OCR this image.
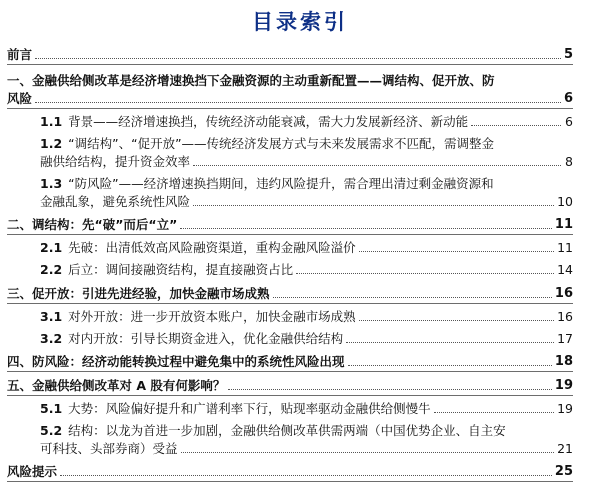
目录索引
前言	5
一、金融供给侧改革是经济增速换挡下金融资源的主动重新配置——调结构、促开放、防
风险	6
1.1 背景——经济增速换挡，传统经济动能衰减，需大力发展新经济、新动能	6
1.2 “调结构”、“促开放”——传统经济发展方式与未来发展需求不匹配，需调整金
融供给结构，提升资金效率	8
1.3 “防风险”——经济增速换挡期间，违约风险提升，需合理出清过剩金融资源和
金融乱象，避免系统性风险	10
二、调结构：先“破”而后“立”	11
2.1 先破：出清低效高风险融资渠道，重构金融风险溢价	11
2.2 后立：调间接融资结构，提直接融资占比	14
三、促开放：引进先进经验，加快金融市场成熟	16
3.1 对外开放：进一步开放资本账户，加快金融市场成熟	16
3.2 对内开放：引导长期资金进入，优化金融供给结构	17
四、防风险：经济动能转换过程中避免集中的系统性风险出现	18
五、金融供给侧改革对 A 股有何影响？	19
5.1 大势：风险偏好提升和广谱利率下行，贴现率驱动金融供给侧慢牛	19
5.2 结构：以龙为首进一步加剧，金融供给侧改革供需两端（中国优势企业、自主安
可科技、头部券商）受益	21
风险提示	25
